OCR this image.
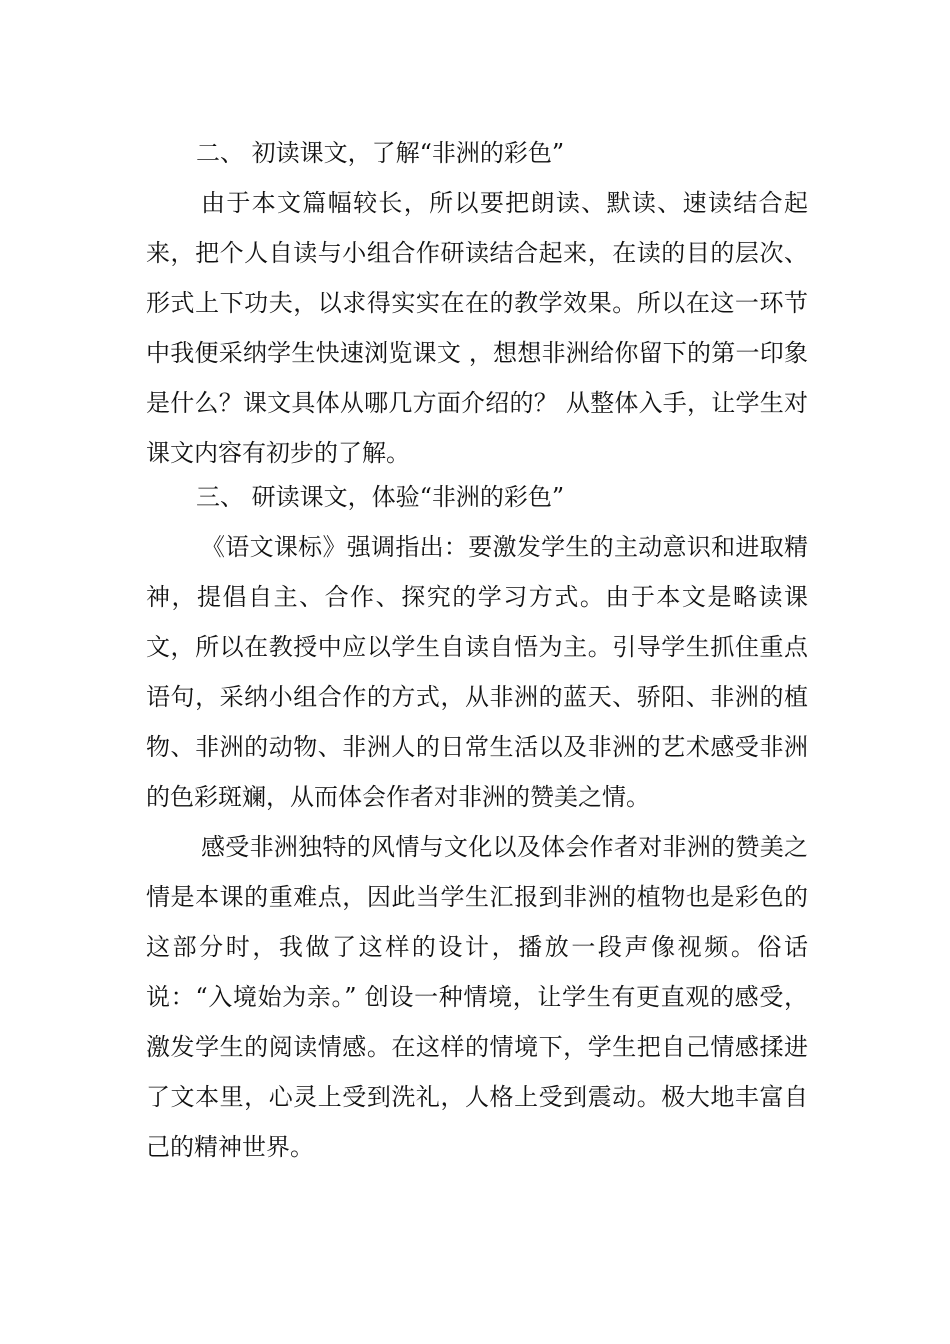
二、 初读课文，了解“非洲的彩色”

由于本文篇幅较长，所以要把朗读、默读、速读结合起来，把个人自读与小组合作研读结合起来，在读的目的层次、形式上下功夫，以求得实实在在的教学效果。所以在这一环节中我便采纳学生快速浏览课文 ，想想非洲给你留下的第一印象是什么？课文具体从哪几方面介绍的？ 从整体入手，让学生对课文内容有初步的了解。

三、 研读课文，体验“非洲的彩色”

《语文课标》强调指出：要激发学生的主动意识和进取精神，提倡自主、合作、探究的学习方式。由于本文是略读课文，所以在教授中应以学生自读自悟为主。引导学生抓住重点语句，采纳小组合作的方式，从非洲的蓝天、骄阳、非洲的植物、非洲的动物、非洲人的日常生活以及非洲的艺术感受非洲的色彩斑斓，从而体会作者对非洲的赞美之情。

感受非洲独特的风情与文化以及体会作者对非洲的赞美之情是本课的重难点，因此当学生汇报到非洲的植物也是彩色的这部分时，我做了这样的设计，播放一段声像视频。俗话说：“入境始为亲。” 创设一种情境，让学生有更直观的感受，激发学生的阅读情感。在这样的情境下，学生把自己情感揉进了文本里，心灵上受到洗礼，人格上受到震动。极大地丰富自己的精神世界。
